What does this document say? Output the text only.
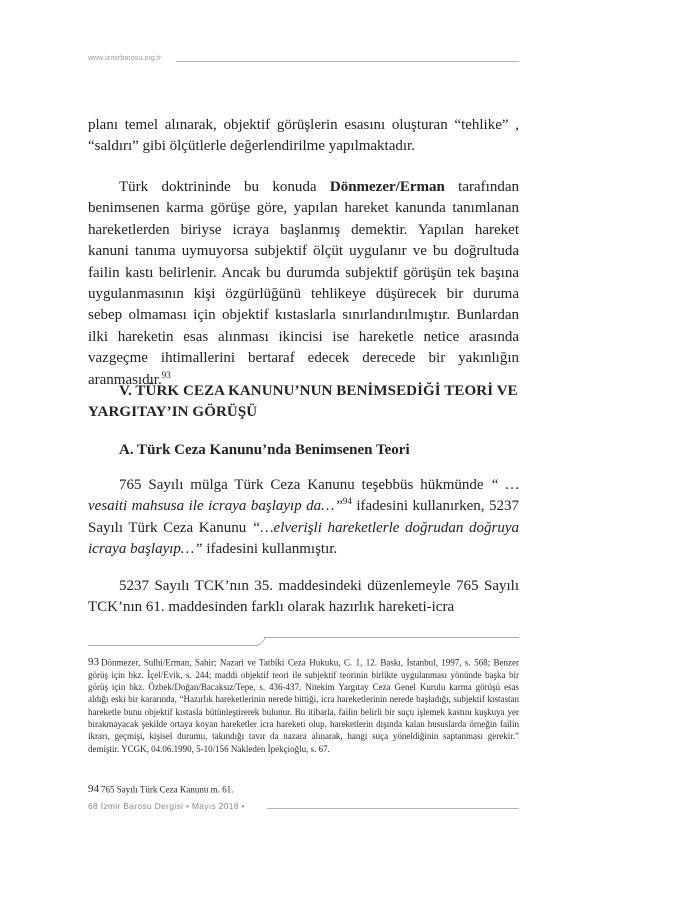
www.izmirbarosu.org.tr
planı temel alınarak, objektif görüşlerin esasını oluşturan “tehlike” , “saldırı” gibi ölçütlerle değerlendirilme yapılmaktadır.
Türk doktrininde bu konuda Dönmezer/Erman tarafından benimsenen karma görüşe göre, yapılan hareket kanunda tanımlanan hareketlerden biriyse icraya başlanmış demektir. Yapılan hareket kanuni tanıma uymuyorsa subjektif ölçüt uygulanır ve bu doğrultuda failin kastı belirlenir. Ancak bu durumda subjektif görüşün tek başına uygulanmasının kişi özgürlüğünü tehlikeye düşürecek bir duruma sebep olmaması için objektif kıstaslarla sınırlandırılmıştır. Bunlardan ilki hareketin esas alınması ikincisi ise hareketle netice arasında vazgeçme ihtimallerini bertaraf edecek derecede bir yakınlığın aranmasıdır.$^{93}$
V. TÜRK CEZA KANUNU’NUN BENİMSEDİĞİ TEORİ VE YARGITAY’IN GÖRÜŞÜ
A. Türk Ceza Kanunu’nda Benimsenen Teori
765 Sayılı mülga Türk Ceza Kanunu teşebbüs hükmünde “ … vesaiti mahsusa ile icraya başlayıp da…”$^{94}$ ifadesini kullanırken, 5237 Sayılı Türk Ceza Kanunu “…elverişli hareketlerle doğrudan doğruya icraya başlayıp…” ifadesini kullanmıştır.
5237 Sayılı TCK’nın 35. maddesindeki düzenlemeyle 765 Sayılı TCK’nın 61. maddesinden farklı olarak hazırlık hareketi-icra
93 Dönmezer, Sulhi/Erman, Sahir; Nazari ve Tatbiki Ceza Hukuku, C. 1, 12. Baskı, İstanbul, 1997, s. 568; Benzer görüş için bkz. İçel/Evik, s. 244; maddi objektif teori ile subjektif teorinin birlikte uygulanması yönünde başka bir görüş için bkz. Özbek/Doğan/Bacaksız/Tepe, s. 436-437. Nitekim Yargıtay Ceza Genel Kurulu karma görüşü esas aldığı eski bir kararında, “Hazırlık hareketlerinin nerede bittiği, icra hareketlerinin nerede başladığı, subjektif kıstastan hareketle bunu objektif kıstasla bütünleştirerek bulunur. Bu itibarla, failin belirli bir suçu işlemek kastını kuşkuya yer bırakmayacak şekilde ortaya koyan hareketler icra hareketi olup, hareketlerin dışında kalan hususlarda örneğin failin ikrarı, geçmişi, kişisel durumu, takındığı tavır da nazara alınarak, hangi suça yöneldiğinin saptanması gerekir.” demiştir. YCGK, 04.06.1990, 5-10/156 Nakleden İpekçioğlu, s. 67.
94 765 Sayılı Türk Ceza Kanunu m. 61.
68 İzmir Barosu Dergisi • Mayıs 2018 •
